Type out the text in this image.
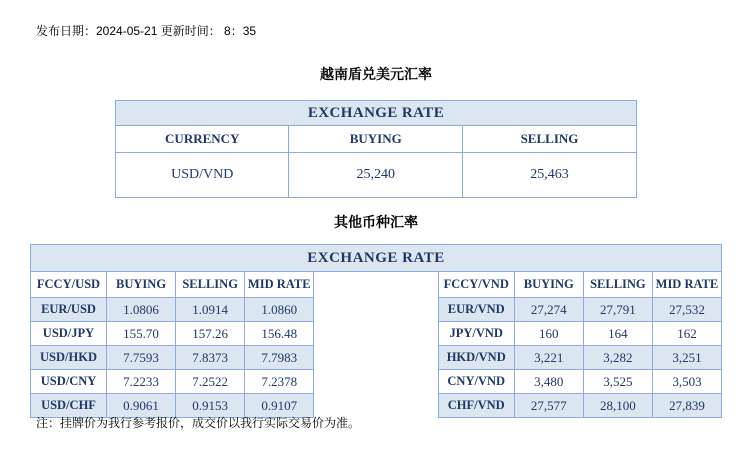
发布日期：2024-05-21 更新时间： 8：35
越南盾兑美元汇率
EXCHANGE RATE		
CURRENCY	BUYING	SELLING
USD/VND	25,240	25,463
其他币种汇率
EXCHANGE RATE								
FCCY/USD	BUYING	SELLING	MID RATE		FCCY/VND	BUYING	SELLING	MID RATE
EUR/USD	1.0806	1.0914	1.0860		EUR/VND	27,274	27,791	27,532
USD/JPY	155.70	157.26	156.48		JPY/VND	160	164	162
USD/HKD	7.7593	7.8373	7.7983		HKD/VND	3,221	3,282	3,251
USD/CNY	7.2233	7.2522	7.2378		CNY/VND	3,480	3,525	3,503
USD/CHF	0.9061	0.9153	0.9107		CHF/VND	27,577	28,100	27,839
注：挂牌价为我行参考报价，成交价以我行实际交易价为准。
